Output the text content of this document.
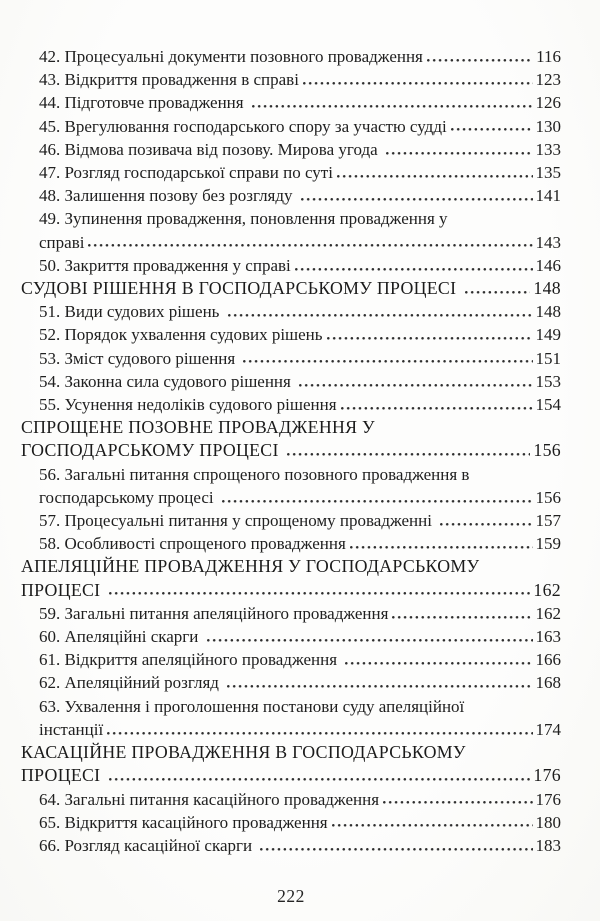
42. Процесуальні документи позовного провадження	116
43. Відкриття провадження в справі	123
44. Підготовче провадження	126
45. Врегулювання господарського спору за участю судді	130
46. Відмова позивача від позову. Мирова угода	133
47. Розгляд господарської справи по суті	135
48. Залишення позову без розгляду	141
49. Зупинення провадження, поновлення провадження у
справі	143
50. Закриття провадження у справі	146
СУДОВІ РІШЕННЯ В ГОСПОДАРСЬКОМУ ПРОЦЕСІ	148
51. Види судових рішень	148
52. Порядок ухвалення судових рішень	149
53. Зміст судового рішення	151
54. Законна сила судового рішення	153
55. Усунення недоліків судового рішення	154
СПРОЩЕНЕ ПОЗОВНЕ ПРОВАДЖЕННЯ У
ГОСПОДАРСЬКОМУ ПРОЦЕСІ	156
56. Загальні питання спрощеного позовного провадження в
господарському процесі	156
57. Процесуальні питання у спрощеному провадженні	157
58. Особливості спрощеного провадження	159
АПЕЛЯЦІЙНЕ ПРОВАДЖЕННЯ У ГОСПОДАРСЬКОМУ
ПРОЦЕСІ	162
59. Загальні питання апеляційного провадження	162
60. Апеляційні скарги	163
61. Відкриття апеляційного провадження	166
62. Апеляційний розгляд	168
63. Ухвалення і проголошення постанови суду апеляційної
інстанції	174
КАСАЦІЙНЕ ПРОВАДЖЕННЯ В ГОСПОДАРСЬКОМУ
ПРОЦЕСІ	176
64. Загальні питання касаційного провадження	176
65. Відкриття касаційного провадження	180
66. Розгляд касаційної скарги	183
222
